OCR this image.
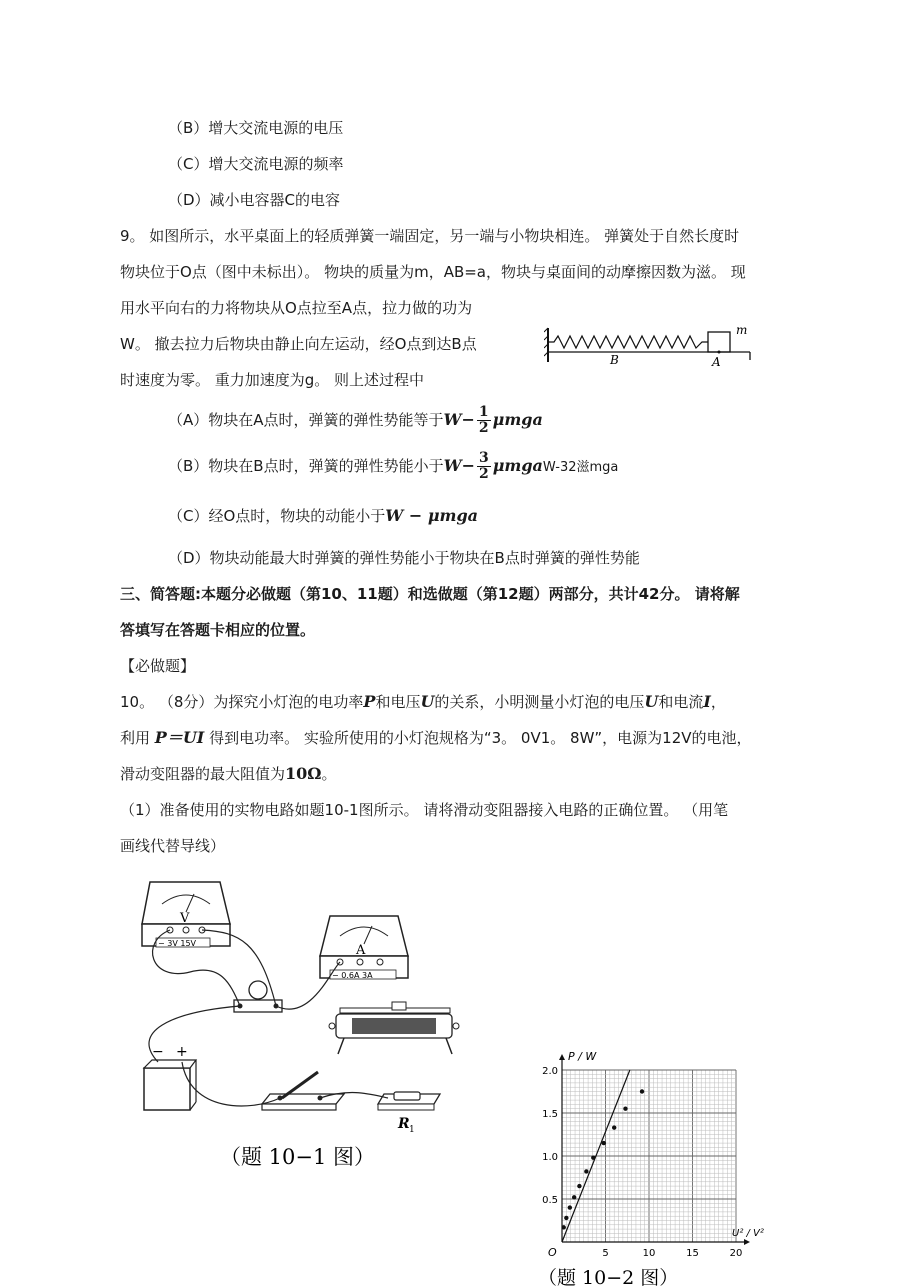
（B）增大交流电源的电压
（C）增大交流电源的频率
（D）减小电容器C的电容
9。 如图所示，水平桌面上的轻质弹簧一端固定，另一端与小物块相连。 弹簧处于自然长度时
物块位于O点（图中未标出）。 物块的质量为m，AB=a，物块与桌面间的动摩擦因数为滋。 现
用水平向右的力将物块从O点拉至A点，拉力做的功为
W。 撤去拉力后物块由静止向左运动，经O点到达B点
时速度为零。 重力加速度为g。 则上述过程中
m
B	A
（A）物块在A点时，弹簧的弹性势能等于$W- \frac{1}{2}$ μmga
（B）物块在B点时，弹簧的弹性势能小于$W- \frac{3}{2}$ μmgaW-32滋mga
（C）经O点时，物块的动能小于W − μmga
（D）物块动能最大时弹簧的弹性势能小于物块在B点时弹簧的弹性势能
三、简答题:本题分必做题（第10、11题）和选做题（第12题）两部分，共计42分。 请将解
答填写在答题卡相应的位置。
【必做题】
10。 （8分）为探究小灯泡的电功率P和电压U的关系，小明测量小灯泡的电压U和电流I，
利用 P＝UI 得到电功率。 实验所使用的小灯泡规格为“3。 0V1。 8W”，电源为12V的电池，
滑动变阻器的最大阻值为10Ω。
（1）准备使用的实物电路如题10-1图所示。 请将滑动变阻器接入电路的正确位置。 （用笔
画线代替导线）
V
− 3V 15V	A
− 0.6A 3A
− +
R 1
（题 10−1 图）
（题 10−2 图）
P / W
U² / V²
O	5	10	15	20
0.5
1.0
1.5
2.0
